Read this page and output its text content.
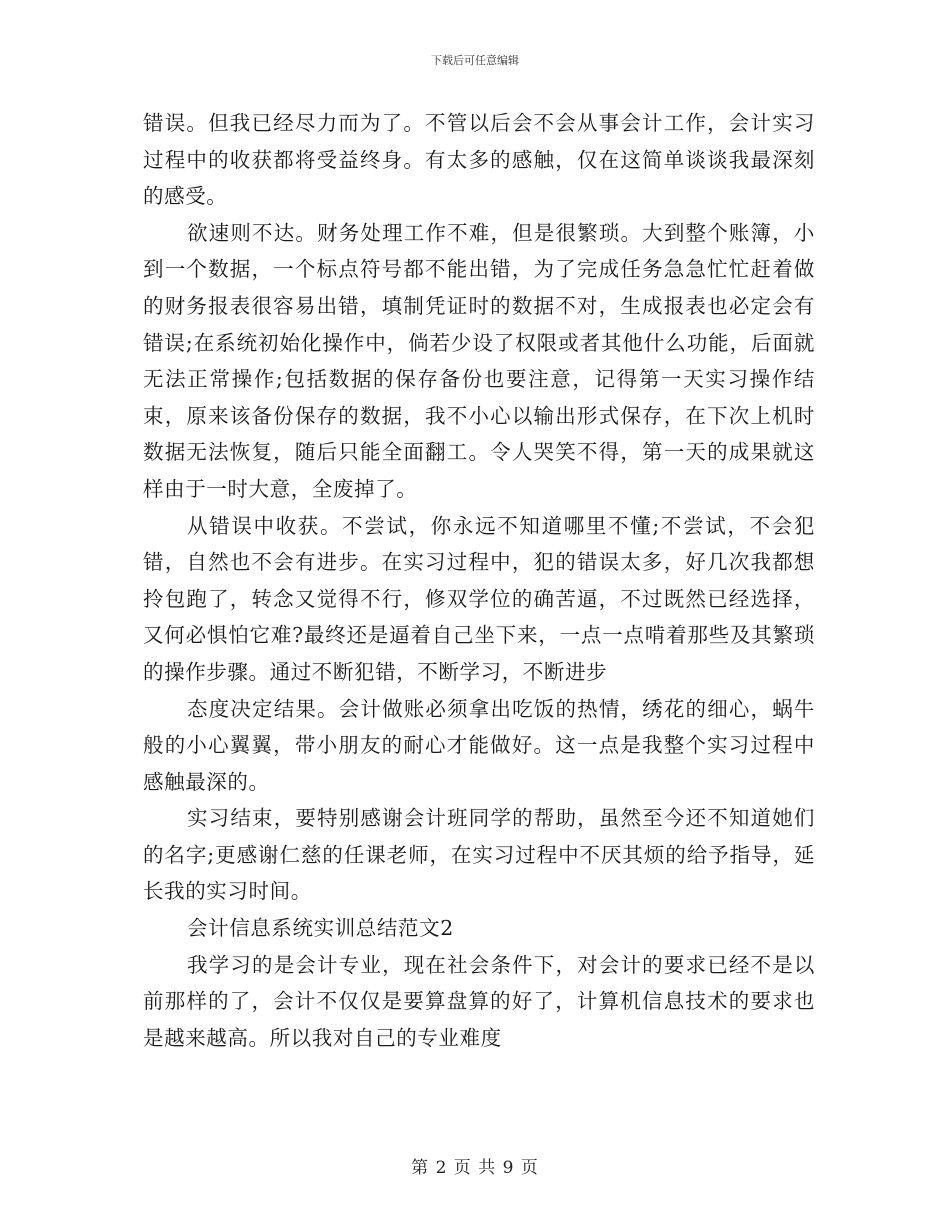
下载后可任意编辑

错误。但我已经尽力而为了。不管以后会不会从事会计工作，会计实习过程中的收获都将受益终身。有太多的感触，仅在这简单谈谈我最深刻的感受。

欲速则不达。财务处理工作不难，但是很繁琐。大到整个账簿，小到一个数据，一个标点符号都不能出错，为了完成任务急急忙忙赶着做的财务报表很容易出错，填制凭证时的数据不对，生成报表也必定会有错误;在系统初始化操作中，倘若少设了权限或者其他什么功能，后面就无法正常操作;包括数据的保存备份也要注意，记得第一天实习操作结束，原来该备份保存的数据，我不小心以输出形式保存，在下次上机时数据无法恢复，随后只能全面翻工。令人哭笑不得，第一天的成果就这样由于一时大意，全废掉了。

从错误中收获。不尝试，你永远不知道哪里不懂;不尝试，不会犯错，自然也不会有进步。在实习过程中，犯的错误太多，好几次我都想拎包跑了，转念又觉得不行，修双学位的确苦逼，不过既然已经选择，又何必惧怕它难?最终还是逼着自己坐下来，一点一点啃着那些及其繁琐的操作步骤。通过不断犯错，不断学习，不断进步

态度决定结果。会计做账必须拿出吃饭的热情，绣花的细心，蜗牛般的小心翼翼，带小朋友的耐心才能做好。这一点是我整个实习过程中感触最深的。

实习结束，要特别感谢会计班同学的帮助，虽然至今还不知道她们的名字;更感谢仁慈的任课老师，在实习过程中不厌其烦的给予指导，延长我的实习时间。

会计信息系统实训总结范文2

我学习的是会计专业，现在社会条件下，对会计的要求已经不是以前那样的了，会计不仅仅是要算盘算的好了，计算机信息技术的要求也是越来越高。所以我对自己的专业难度

第 2 页 共 9 页
